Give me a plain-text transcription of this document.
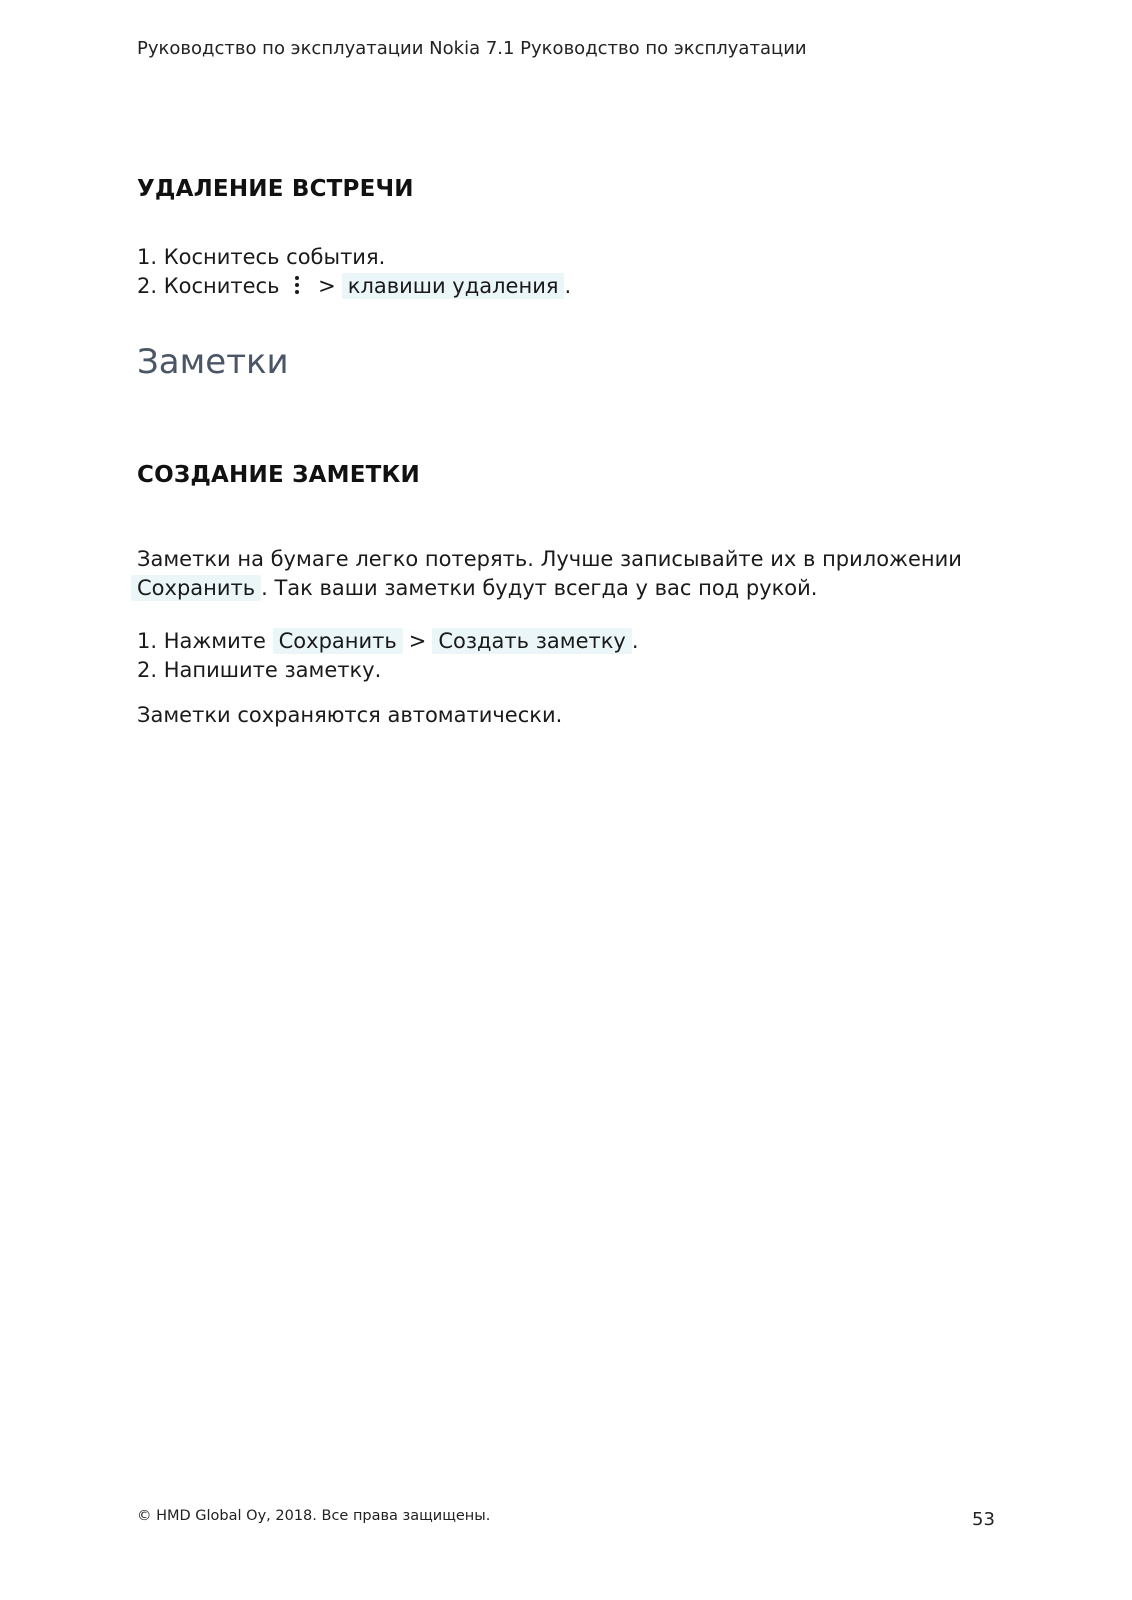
Руководство по эксплуатации Nokia 7.1 Руководство по эксплуатации
УДАЛЕНИЕ ВСТРЕЧИ
1. Коснитесь события.
2. Коснитесь > клавиши удаления .
Заметки
СОЗДАНИЕ ЗАМЕТКИ
Заметки на бумаге легко потерять. Лучше записывайте их в приложении
Сохранить . Так ваши заметки будут всегда у вас под рукой.
1. Нажмите Сохранить > Создать заметку .
2. Напишите заметку.
Заметки сохраняются автоматически.
© HMD Global Oy, 2018. Все права защищены.	53
